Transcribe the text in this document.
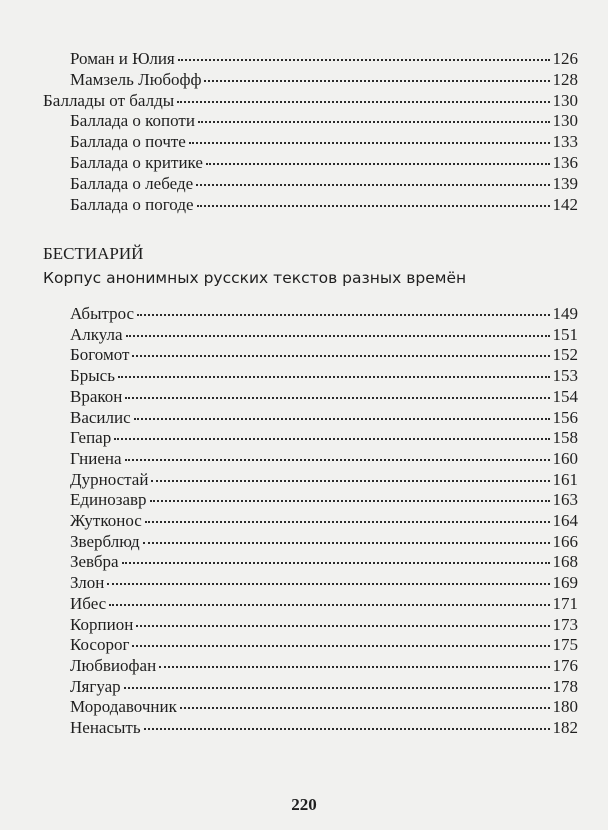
Роман и Юлия	126
Мамзель Любофф	128
Баллады от балды	130
Баллада о копоти	130
Баллада о почте	133
Баллада о критике	136
Баллада о лебеде	139
Баллада о погоде	142
БЕСТИАРИЙ
Корпус анонимных русских текстов разных времён
Абытрос	149
Алкула	151
Богомот	152
Брысь	153
Вракон	154
Василис	156
Гепар	158
Гниена	160
Дурностай	161
Единозавр	163
Жутконос	164
Зверблюд	166
Зевбра	168
Злон	169
Ибес	171
Корпион	173
Косорог	175
Любвиофан	176
Лягуар	178
Мородавочник	180
Ненасыть	182
220
